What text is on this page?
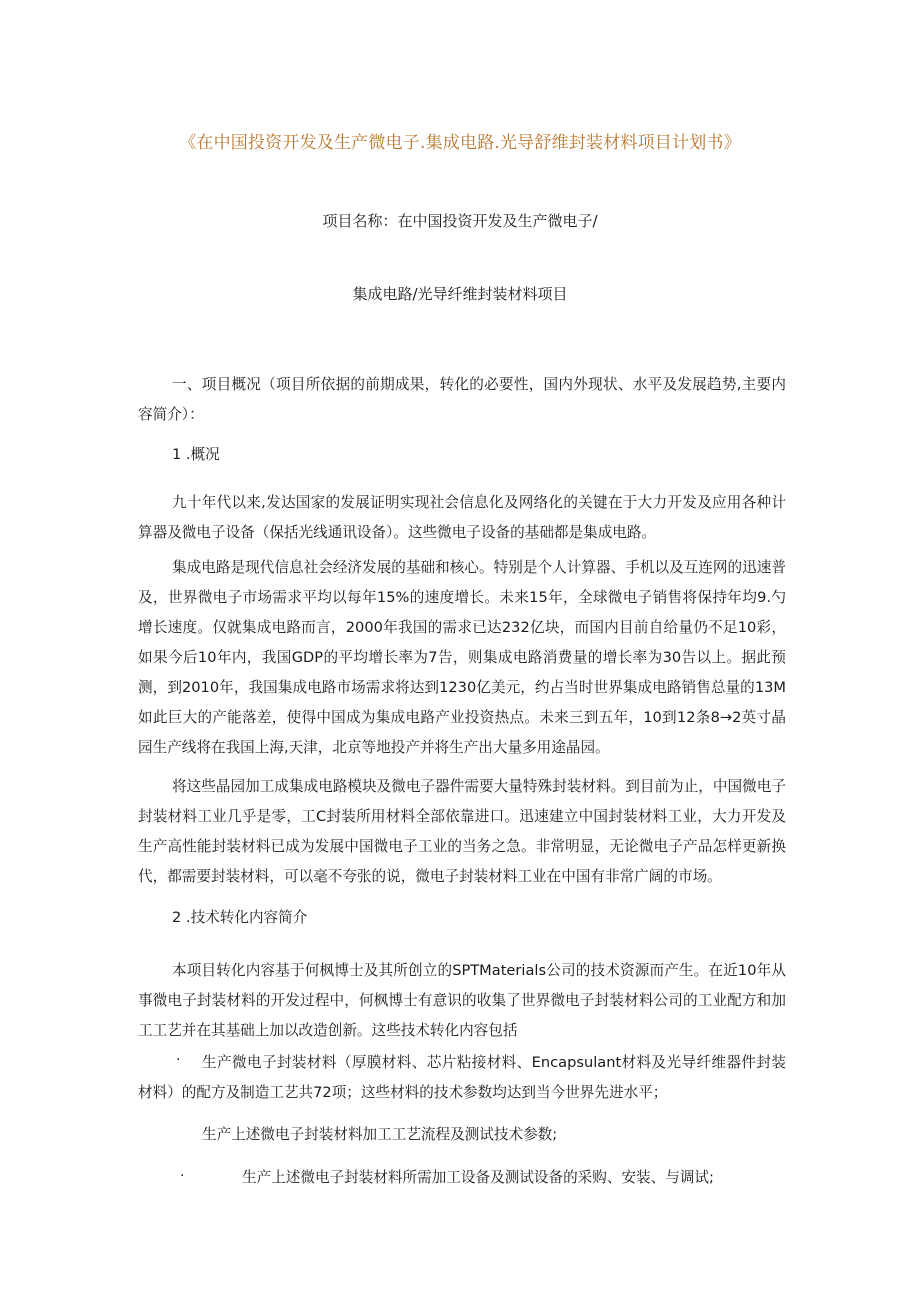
《在中国投资开发及生产微电子.集成电路.光导舒维封装材料项目计划书》
项目名称：在中国投资开发及生产微电子/
集成电路/光导纤维封装材料项目
一、项目概况（项目所依据的前期成果，转化的必要性，国内外现状、水平及发展趋势,主要内容简介）：
1 .概况
九十年代以来,发达国家的发展证明实现社会信息化及网络化的关键在于大力开发及应用各种计算器及微电子设备（保括光线通讯设备）。这些微电子设备的基础都是集成电路。
集成电路是现代信息社会经济发展的基础和核心。特别是个人计算器、手机以及互连网的迅速普及，世界微电子市场需求平均以每年15%的速度增长。未来15年，全球微电子销售将保持年均9.勺增长速度。仅就集成电路而言，2000年我国的需求已达232亿块，而国内目前自给量仍不足10彩，如果今后10年内，我国GDP的平均增长率为7告，则集成电路消费量的增长率为30告以上。据此预测，到2010年，我国集成电路市场需求将达到1230亿美元，约占当时世界集成电路销售总量的13M如此巨大的产能落差，使得中国成为集成电路产业投资热点。未来三到五年，10到12条8→2英寸晶园生产线将在我国上海,天津，北京等地投产并将生产出大量多用途晶园。
将这些晶园加工成集成电路模块及微电子器件需要大量特殊封装材料。到目前为止，中国微电子封装材料工业几乎是零，工C封装所用材料全部依靠进口。迅速建立中国封装材料工业，大力开发及生产高性能封装材料已成为发展中国微电子工业的当务之急。非常明显，无论微电子产品怎样更新换代，都需要封装材料，可以毫不夸张的说，微电子封装材料工业在中国有非常广阔的市场。
2 .技术转化内容简介
本项目转化内容基于何枫博士及其所创立的SPTMaterials公司的技术资源而产生。在近10年从事微电子封装材料的开发过程中，何枫博士有意识的收集了世界微电子封装材料公司的工业配方和加工工艺并在其基础上加以改造创新。这些技术转化内容包括
·	生产微电子封装材料（厚膜材料、芯片粘接材料、Encapsulant材料及光导纤维器件封装材料）的配方及制造工艺共72项；这些材料的技术参数均达到当今世界先进水平；
生产上述微电子封装材料加工工艺流程及测试技术参数;
·	生产上述微电子封装材料所需加工设备及测试设备的采购、安装、与调试;
